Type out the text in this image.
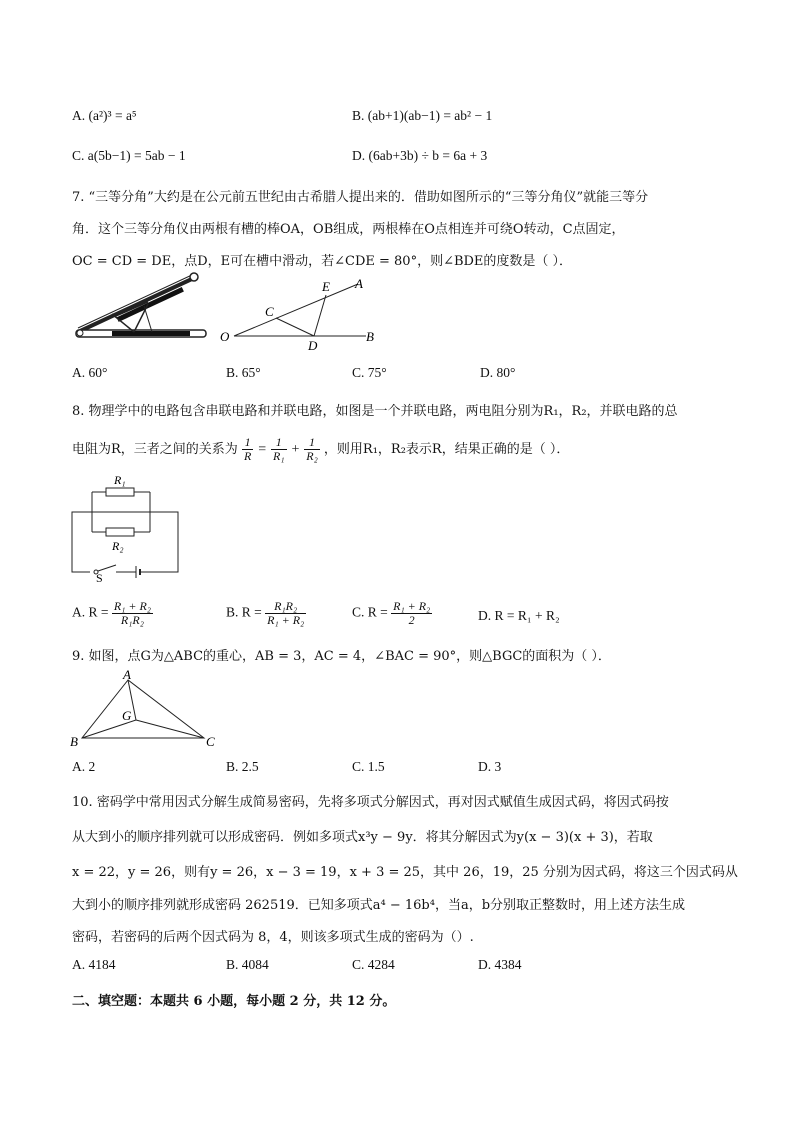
A. (a²)³ = a⁵	B. (ab+1)(ab−1) = ab² − 1
C. a(5b−1) = 5ab − 1	D. (6ab+3b) ÷ b = 6a + 3
7. “三等分角”大约是在公元前五世纪由古希腊人提出来的．借助如图所示的“三等分角仪”就能三等分
角．这个三等分角仪由两根有槽的棒OA，OB组成，两根棒在O点相连并可绕O转动，C点固定，
OC = CD = DE，点D，E可在槽中滑动，若∠CDE = 80°，则∠BDE的度数是（ ）．
E A
C
O
D
B
A. 60°	B. 65°	C. 75°	D. 80°
8. 物理学中的电路包含串联电路和并联电路，如图是一个并联电路，两电阻分别为R₁，R₂，并联电路的总
电阻为R，三者之间的关系为 $\frac{1}{R} = \frac{1}{\text{R₁}} + \frac{1}{\text{R₂}}$ ，则用R₁，R₂表示R，结果正确的是（ ）．
R₁
R₂
S
A. $R = \frac{\text{R₁ + R₂}}{\text{R₁R₂}}$	B. $R = \frac{\text{R₁R₂}}{\text{R₁ + R₂}}$	C. $R = \frac{\text{R₁ + R₂}}{2}$	D. R = R₁ + R₂
9. 如图，点G为△ABC的重心，AB = 3，AC = 4，∠BAC = 90°，则△BGC的面积为（ ）．
A
G
B	C
A. 2	B. 2.5	C. 1.5	D. 3
10. 密码学中常用因式分解生成简易密码，先将多项式分解因式，再对因式赋值生成因式码，将因式码按
从大到小的顺序排列就可以形成密码．例如多项式x³y − 9y．将其分解因式为y(x − 3)(x + 3)，若取
x = 22，y = 26，则有y = 26，x − 3 = 19，x + 3 = 25，其中 26，19，25 分别为因式码，将这三个因式码从
大到小的顺序排列就形成密码 262519．已知多项式a⁴ − 16b⁴，当a，b分别取正整数时，用上述方法生成
密码，若密码的后两个因式码为 8，4，则该多项式生成的密码为（）.
A. 4184	B. 4084	C. 4284	D. 4384
二、填空题：本题共 6 小题，每小题 2 分，共 12 分。
